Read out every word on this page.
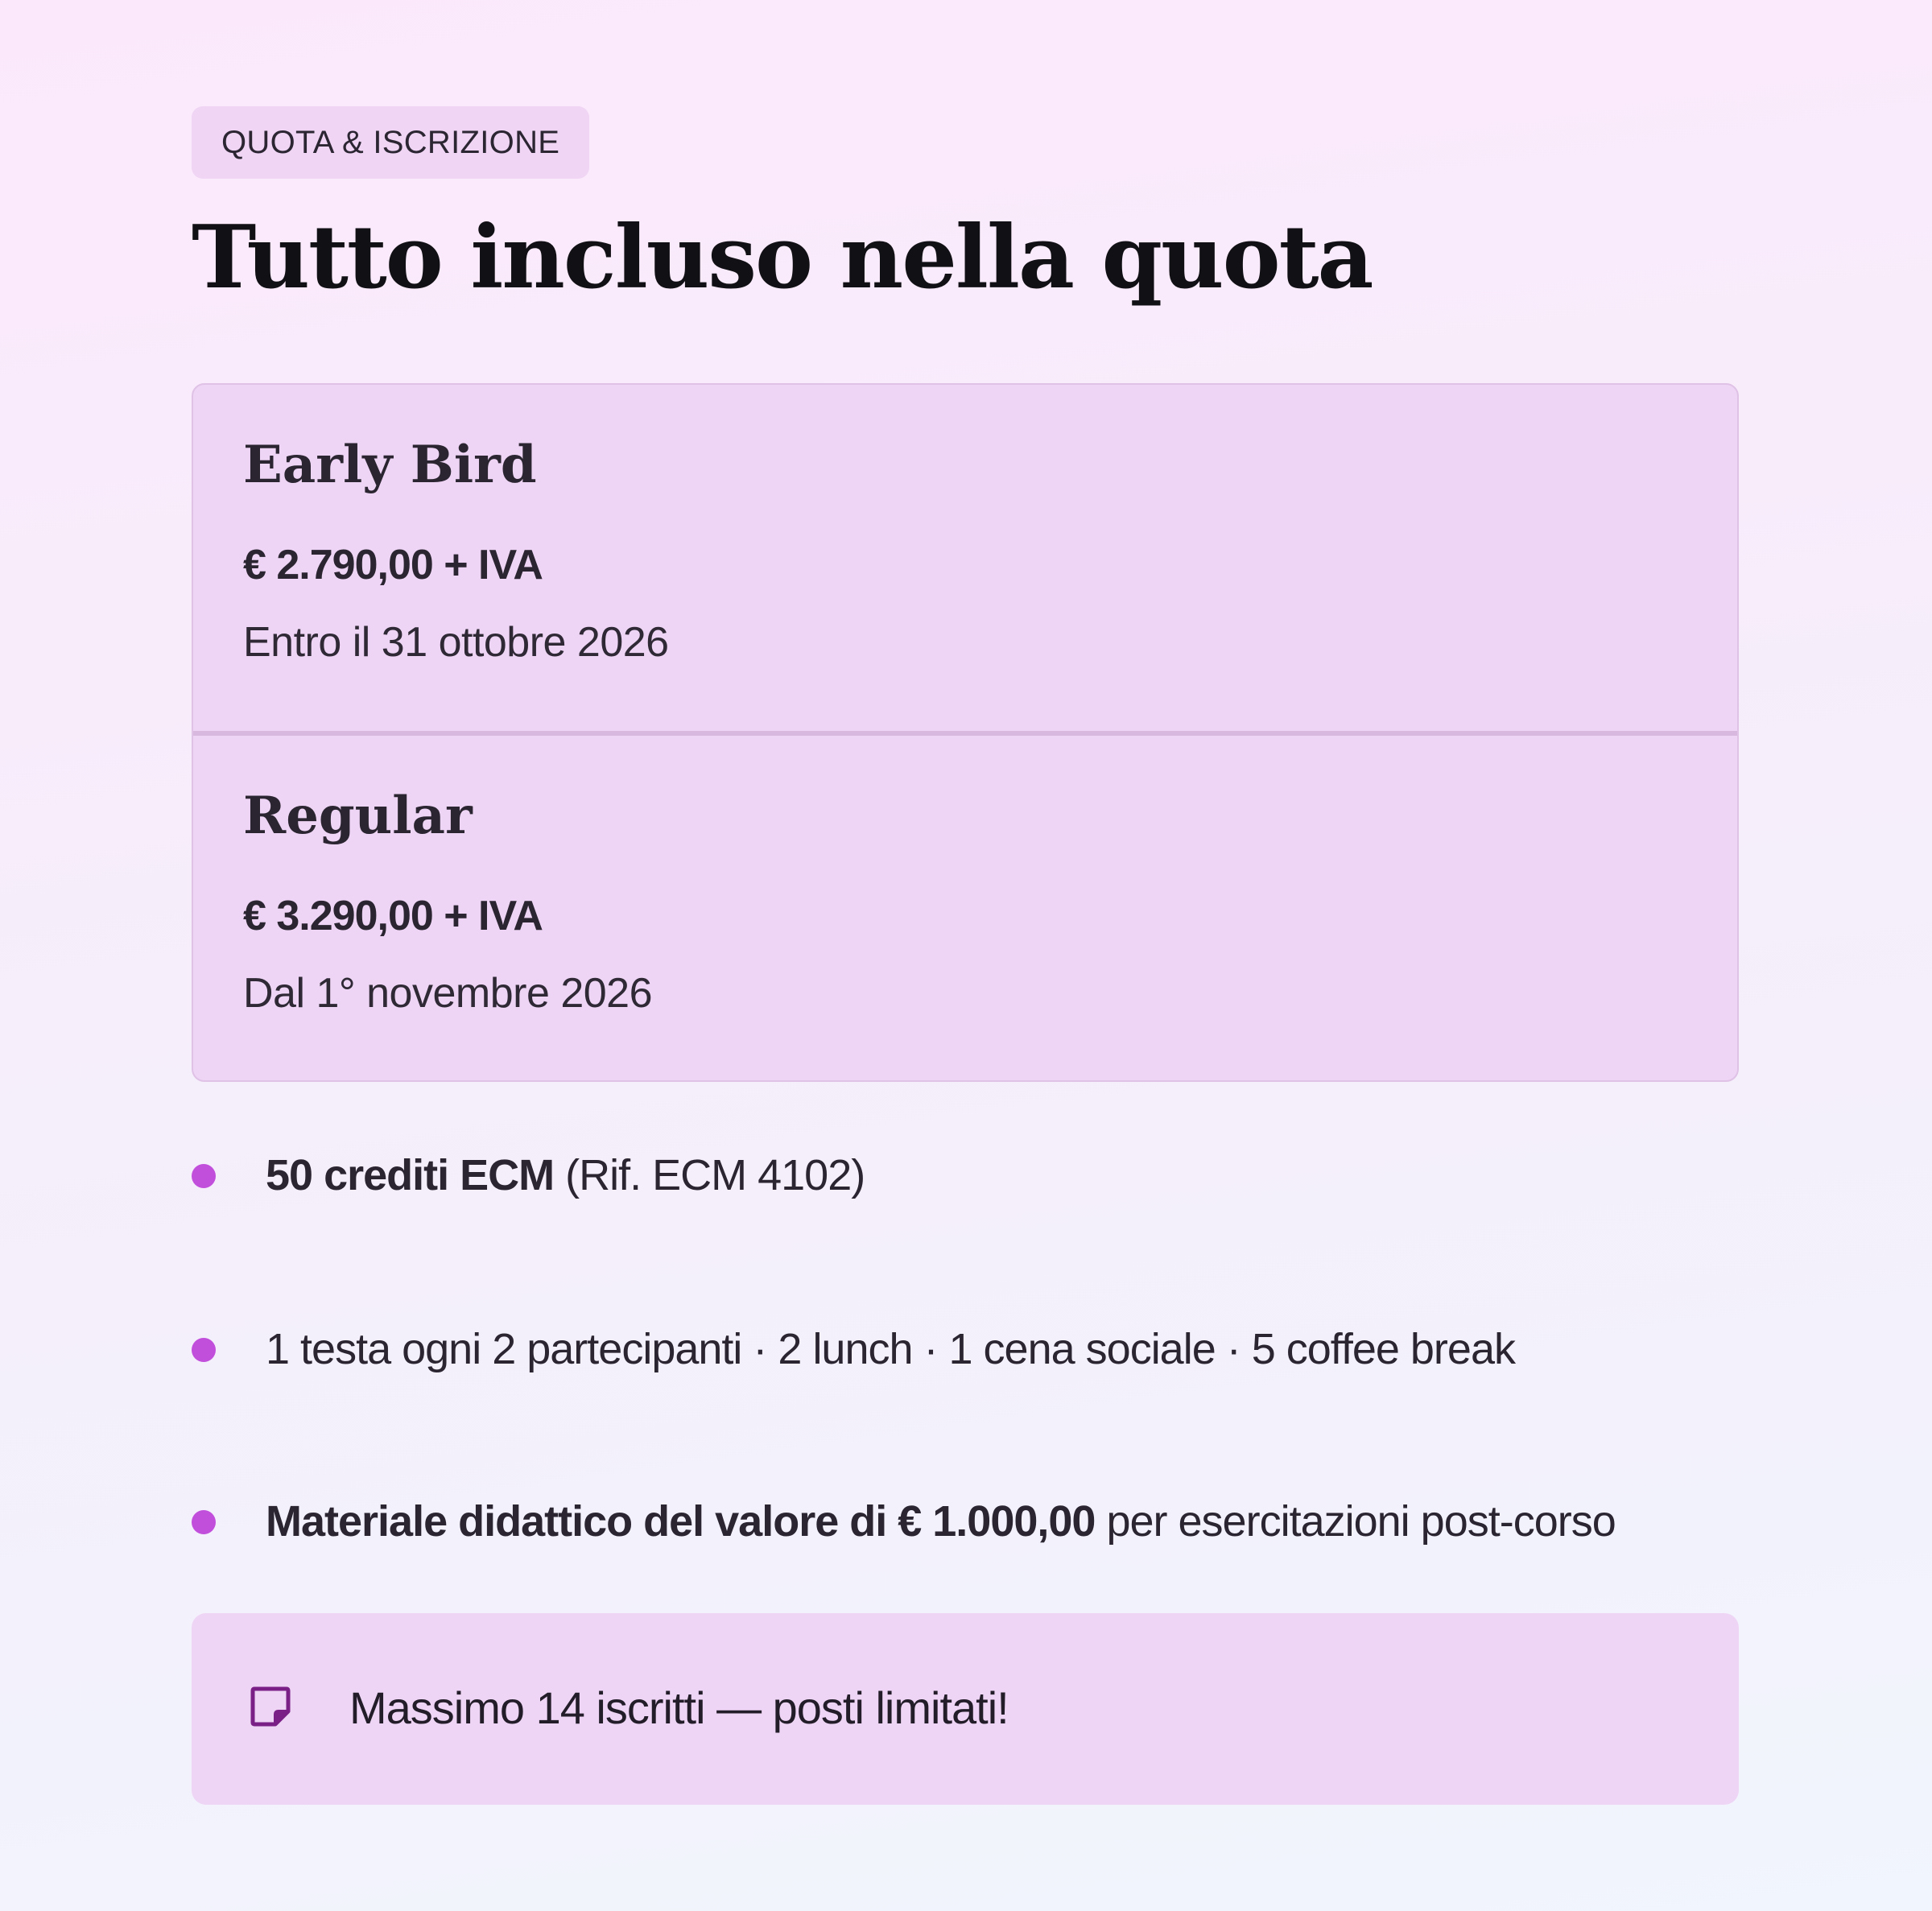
QUOTA & ISCRIZIONE
Tutto incluso nella quota
Early Bird
€ 2.790,00 + IVA
Entro il 31 ottobre 2026
Regular
€ 3.290,00 + IVA
Dal 1° novembre 2026
50 crediti ECM (Rif. ECM 4102)
1 testa ogni 2 partecipanti · 2 lunch · 1 cena sociale · 5 coffee break
Materiale didattico del valore di € 1.000,00 per esercitazioni post-corso
Massimo 14 iscritti — posti limitati!
